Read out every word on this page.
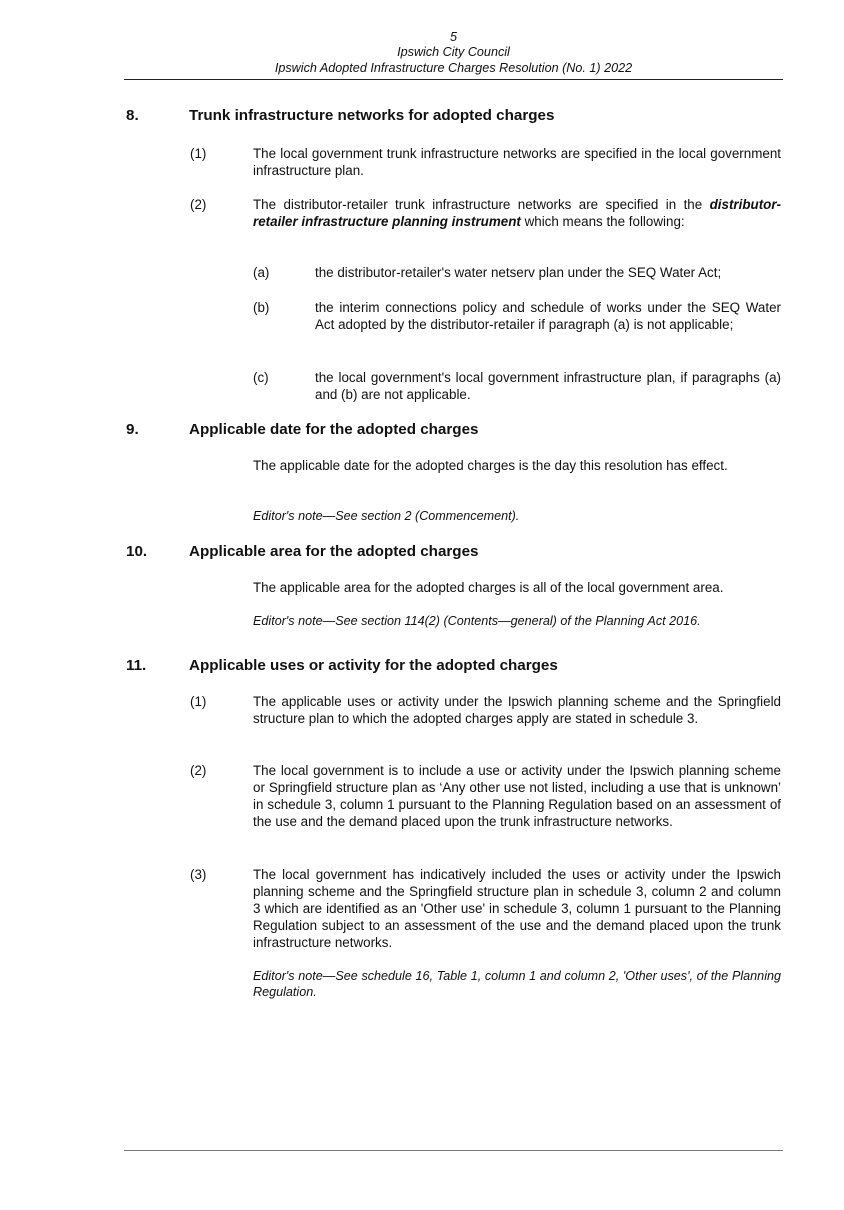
5
Ipswich City Council
Ipswich Adopted Infrastructure Charges Resolution (No. 1) 2022
8.	Trunk infrastructure networks for adopted charges
(1)	The local government trunk infrastructure networks are specified in the local government infrastructure plan.

(2)	The distributor-retailer trunk infrastructure networks are specified in the distributor-retailer infrastructure planning instrument which means the following:

(a)	the distributor-retailer's water netserv plan under the SEQ Water Act;

(b)	the interim connections policy and schedule of works under the SEQ Water Act adopted by the distributor-retailer if paragraph (a) is not applicable;

(c)	the local government's local government infrastructure plan, if paragraphs (a) and (b) are not applicable.

9.	Applicable date for the adopted charges

The applicable date for the adopted charges is the day this resolution has effect.

Editor's note—See section 2 (Commencement).

10.	Applicable area for the adopted charges

The applicable area for the adopted charges is all of the local government area.

Editor's note—See section 114(2) (Contents—general) of the Planning Act 2016.

11.	Applicable uses or activity for the adopted charges
(1)	The applicable uses or activity under the Ipswich planning scheme and the Springfield structure plan to which the adopted charges apply are stated in schedule 3.

(2)	The local government is to include a use or activity under the Ipswich planning scheme or Springfield structure plan as ‘Any other use not listed, including a use that is unknown’ in schedule 3, column 1 pursuant to the Planning Regulation based on an assessment of the use and the demand placed upon the trunk infrastructure networks.

(3)	The local government has indicatively included the uses or activity under the Ipswich planning scheme and the Springfield structure plan in schedule 3, column 2 and column 3 which are identified as an 'Other use' in schedule 3, column 1 pursuant to the Planning Regulation subject to an assessment of the use and the demand placed upon the trunk infrastructure networks.

Editor's note—See schedule 16, Table 1, column 1 and column 2, 'Other uses', of the Planning Regulation.
